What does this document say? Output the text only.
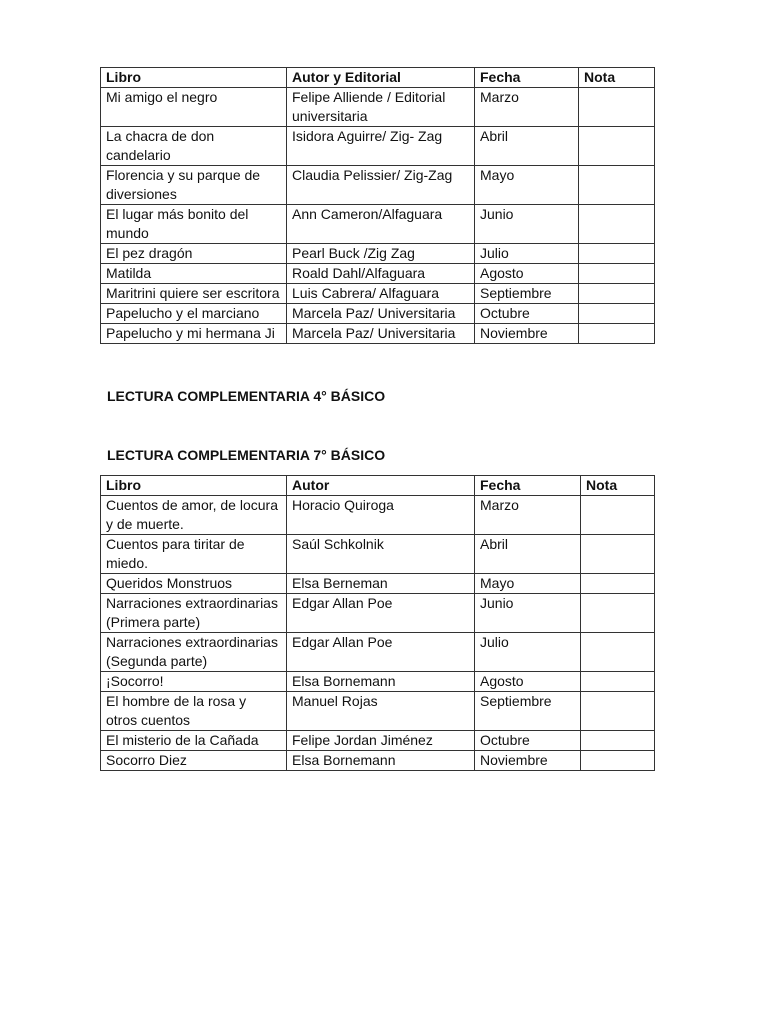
Libro	Autor y Editorial	Fecha	Nota
Mi amigo el negro	Felipe Alliende / Editorial universitaria	Marzo	
La chacra de don candelario	Isidora Aguirre/ Zig- Zag	Abril	
Florencia y su parque de diversiones	Claudia Pelissier/ Zig-Zag	Mayo	
El lugar más bonito del mundo	Ann Cameron/Alfaguara	Junio	
El pez dragón	Pearl Buck /Zig Zag	Julio	
Matilda	Roald Dahl/Alfaguara	Agosto	
Maritrini quiere ser escritora	Luis Cabrera/ Alfaguara	Septiembre	
Papelucho y el marciano	Marcela Paz/ Universitaria	Octubre	
Papelucho y mi hermana Ji	Marcela Paz/ Universitaria	Noviembre	

LECTURA COMPLEMENTARIA 4° BÁSICO

LECTURA COMPLEMENTARIA 7° BÁSICO

Libro	Autor	Fecha	Nota
Cuentos de amor, de locura y de muerte.	Horacio Quiroga	Marzo	
Cuentos para tiritar de miedo.	Saúl Schkolnik	Abril	
Queridos Monstruos	Elsa Berneman	Mayo	
Narraciones extraordinarias (Primera parte)	Edgar Allan Poe	Junio	
Narraciones extraordinarias (Segunda parte)	Edgar Allan Poe	Julio	
¡Socorro!	Elsa Bornemann	Agosto	
El hombre de la rosa y otros cuentos	Manuel Rojas	Septiembre	
El misterio de la Cañada	Felipe Jordan Jiménez	Octubre	
Socorro Diez	Elsa Bornemann	Noviembre	
